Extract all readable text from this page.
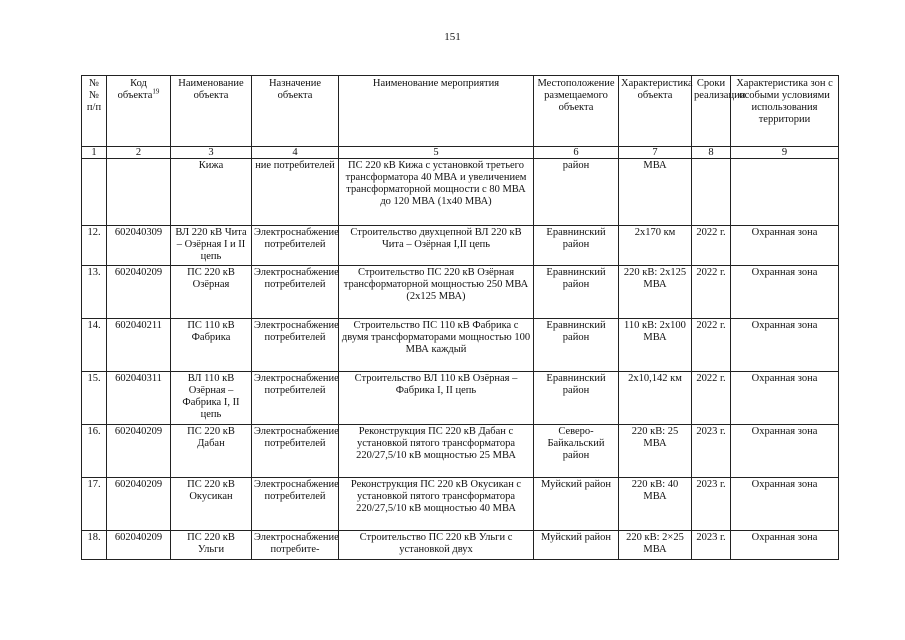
151
№ № п/п	Код объекта$^{19}$	Наименование объекта	Назначение объекта	Наименование мероприятия	Местоположение размещаемого объекта	Характеристика объекта	Сроки реализации	Характеристика зон с особыми условиями использования территории
1	2	3	4	5	6	7	8	9
		Кижа	ние потребителей	ПС 220 кВ Кижа с установкой третьего трансформатора 40 МВА и увеличением трансформаторной мощности с 80 МВА до 120 МВА (1х40 МВА)	район	МВА		
12.	602040309	ВЛ 220 кВ Чита – Озёрная I и II цепь	Электроснабжение потребителей	Строительство двухцепной ВЛ 220 кВ Чита – Озёрная I,II цепь	Еравнинский район	2х170 км	2022 г.	Охранная зона
13.	602040209	ПС 220 кВ Озёрная	Электроснабжение потребителей	Строительство ПС 220 кВ Озёрная трансформаторной мощностью 250 МВА (2х125 МВА)	Еравнинский район	220 кВ: 2х125 МВА	2022 г.	Охранная зона
14.	602040211	ПС 110 кВ Фабрика	Электроснабжение потребителей	Строительство ПС 110 кВ Фабрика с двумя трансформаторами мощностью 100 МВА каждый	Еравнинский район	110 кВ: 2х100 МВА	2022 г.	Охранная зона
15.	602040311	ВЛ 110 кВ Озёрная – Фабрика I, II цепь	Электроснабжение потребителей	Строительство ВЛ 110 кВ Озёрная – Фабрика I, II цепь	Еравнинский район	2х10,142 км	2022 г.	Охранная зона
16.	602040209	ПС 220 кВ Дабан	Электроснабжение потребителей	Реконструкция ПС 220 кВ Дабан с установкой пятого трансформатора 220/27,5/10 кВ мощностью 25 МВА	Северо-Байкальский район	220 кВ: 25 МВА	2023 г.	Охранная зона
17.	602040209	ПС 220 кВ Окусикан	Электроснабжение потребителей	Реконструкция ПС 220 кВ Окусикан с установкой пятого трансформатора 220/27,5/10 кВ мощностью 40 МВА	Муйский район	220 кВ: 40 МВА	2023 г.	Охранная зона
18.	602040209	ПС 220 кВ Ульги	Электроснабжение потребите-	Строительство ПС 220 кВ Ульги с установкой двух	Муйский район	220 кВ: 2×25 МВА	2023 г.	Охранная зона
